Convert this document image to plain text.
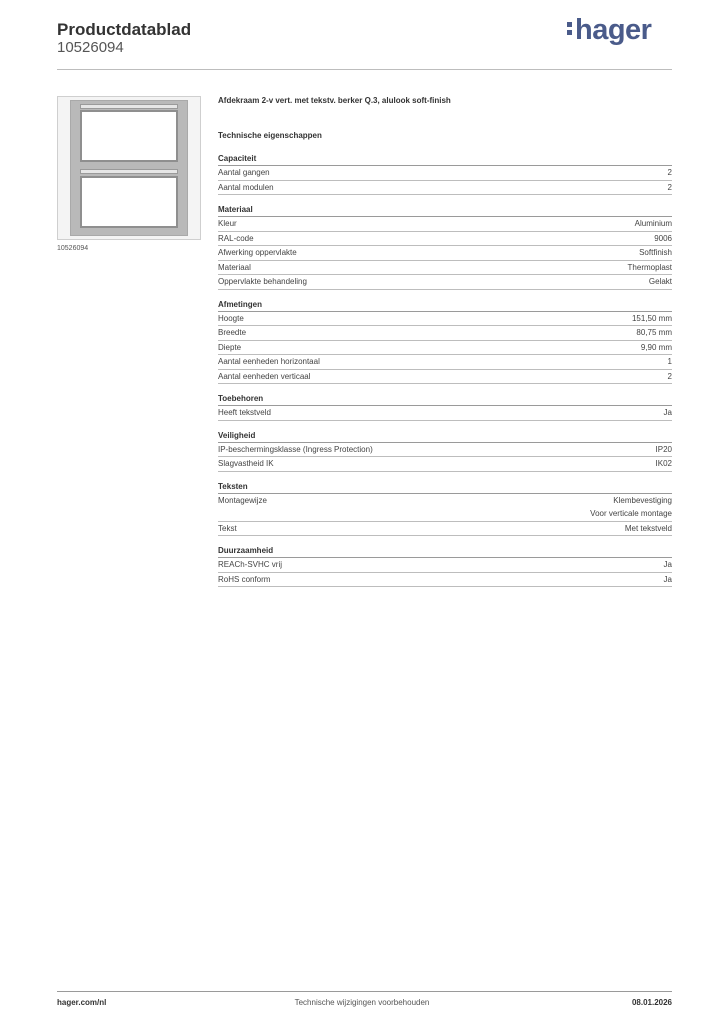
Productdatablad
10526094
hager
10526094
Afdekraam 2-v vert. met tekstv. berker Q.3, alulook soft-finish
Technische eigenschappen
Capaciteit
Aantal gangen	2
Aantal modulen	2
Materiaal
Kleur	Aluminium
RAL-code	9006
Afwerking oppervlakte	Softfinish
Materiaal	Thermoplast
Oppervlakte behandeling	Gelakt
Afmetingen
Hoogte	151,50 mm
Breedte	80,75 mm
Diepte	9,90 mm
Aantal eenheden horizontaal	1
Aantal eenheden verticaal	2
Toebehoren
Heeft tekstveld	Ja
Veiligheid
IP-beschermingsklasse (Ingress Protection)	IP20
Slagvastheid IK	IK02
Teksten
Montagewijze	Klembevestiging
Voor verticale montage
Tekst	Met tekstveld
Duurzaamheid
REACh-SVHC vrij	Ja
RoHS conform	Ja
hager.com/nl	Technische wijzigingen voorbehouden	08.01.2026
